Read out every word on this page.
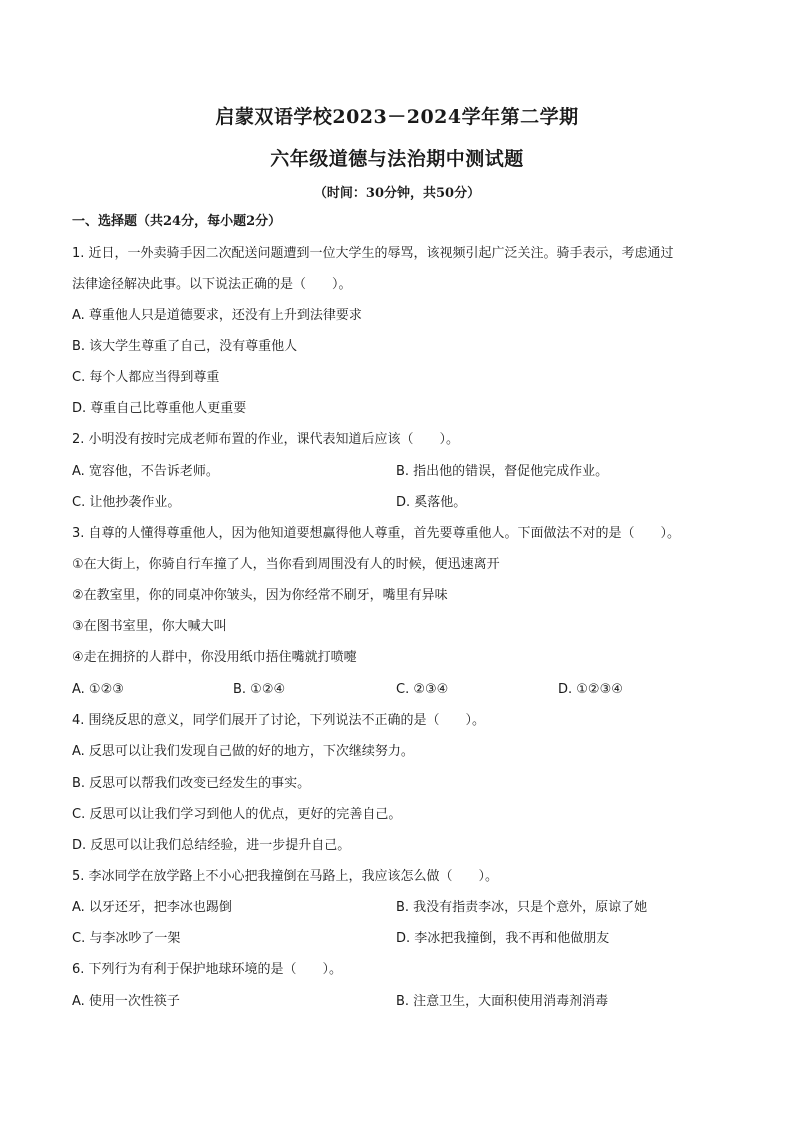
启蒙双语学校2023－2024学年第二学期
六年级道德与法治期中测试题
（时间：30分钟，共50分）
一、选择题（共24分，每小题2分）
1. 近日，一外卖骑手因二次配送问题遭到一位大学生的辱骂，该视频引起广泛关注。骑手表示，考虑通过
法律途径解决此事。以下说法正确的是（　　）。
A. 尊重他人只是道德要求，还没有上升到法律要求
B. 该大学生尊重了自己，没有尊重他人
C. 每个人都应当得到尊重
D. 尊重自己比尊重他人更重要
2. 小明没有按时完成老师布置的作业，课代表知道后应该（　　）。
A. 宽容他，不告诉老师。	B. 指出他的错误，督促他完成作业。
C. 让他抄袭作业。	D. 奚落他。
3. 自尊的人懂得尊重他人，因为他知道要想赢得他人尊重，首先要尊重他人。下面做法不对的是（　　）。
①在大街上，你骑自行车撞了人，当你看到周围没有人的时候，便迅速离开
②在教室里，你的同桌冲你皱头，因为你经常不刷牙，嘴里有异味
③在图书室里，你大喊大叫
④走在拥挤的人群中，你没用纸巾捂住嘴就打喷嚏
A. ①②③	B. ①②④	C. ②③④	D. ①②③④
4. 围绕反思的意义，同学们展开了讨论，下列说法不正确的是（　　）。
A. 反思可以让我们发现自己做的好的地方，下次继续努力。
B. 反思可以帮我们改变已经发生的事实。
C. 反思可以让我们学习到他人的优点，更好的完善自己。
D. 反思可以让我们总结经验，进一步提升自己。
5. 李冰同学在放学路上不小心把我撞倒在马路上，我应该怎么做（　　）。
A. 以牙还牙，把李冰也踢倒	B. 我没有指责李冰，只是个意外，原谅了她
C. 与李冰吵了一架	D. 李冰把我撞倒，我不再和他做朋友
6. 下列行为有利于保护地球环境的是（　　）。
A. 使用一次性筷子	B. 注意卫生，大面积使用消毒剂消毒
